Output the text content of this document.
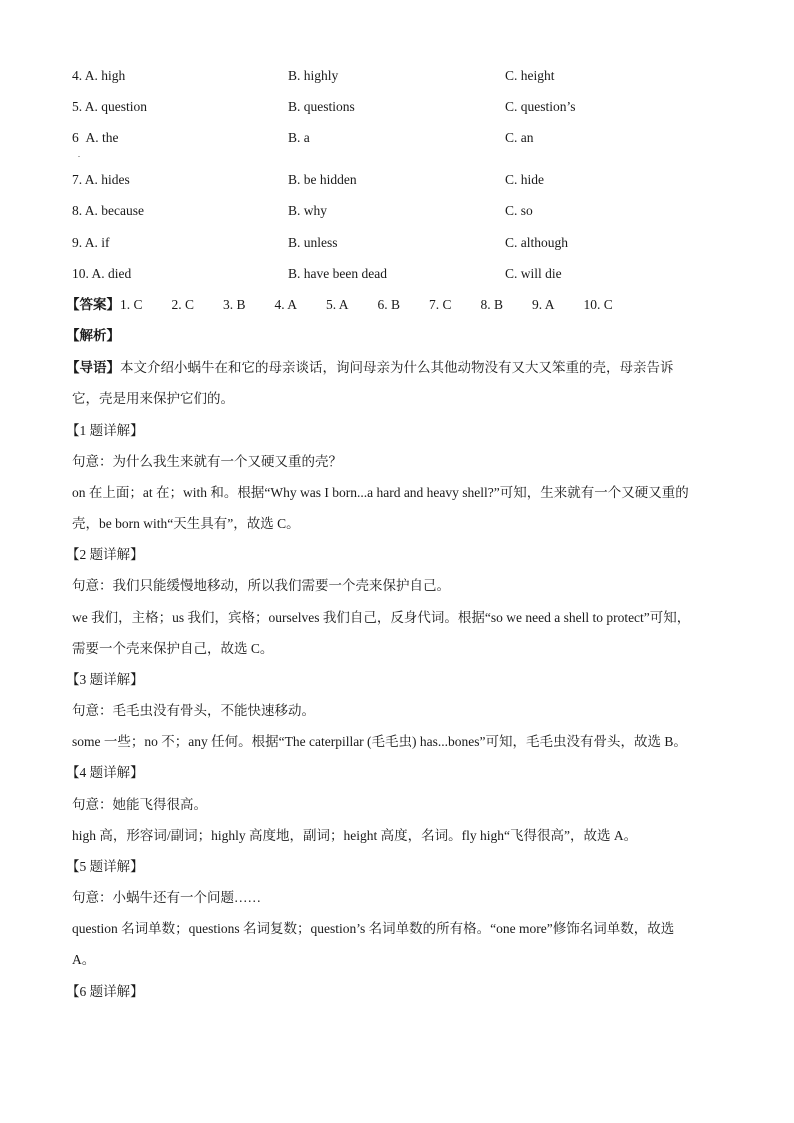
4. A. high	B. highly	C. height
5. A. question	B. questions	C. question’s
6 A. the	B. a	C. an
.
7. A. hides	B. be hidden	C. hide
8. A. because	B. why	C. so
9. A. if	B. unless	C. although
10. A. died	B. have been dead	C. will die
【答案】1. C 2. C 3. B 4. A 5. A 6. B 7. C 8. B 9. A 10. C
【解析】
【导语】本文介绍小蜗牛在和它的母亲谈话，询问母亲为什么其他动物没有又大又笨重的壳，母亲告诉
它，壳是用来保护它们的。
【1 题详解】
句意：为什么我生来就有一个又硬又重的壳？
on 在上面；at 在；with 和。根据“Why was I born...a hard and heavy shell?”可知，生来就有一个又硬又重的
壳，be born with“天生具有”，故选 C。
【2 题详解】
句意：我们只能缓慢地移动，所以我们需要一个壳来保护自己。
we 我们，主格；us 我们，宾格；ourselves 我们自己，反身代词。根据“so we need a shell to protect”可知，
需要一个壳来保护自己，故选 C。
【3 题详解】
句意：毛毛虫没有骨头，不能快速移动。
some 一些；no 不；any 任何。根据“The caterpillar (毛毛虫) has...bones”可知，毛毛虫没有骨头，故选 B。
【4 题详解】
句意：她能飞得很高。
high 高，形容词/副词；highly 高度地，副词；height 高度，名词。fly high“飞得很高”，故选 A。
【5 题详解】
句意：小蜗牛还有一个问题……
question 名词单数；questions 名词复数；question’s 名词单数的所有格。“one more”修饰名词单数，故选
A。
【6 题详解】
